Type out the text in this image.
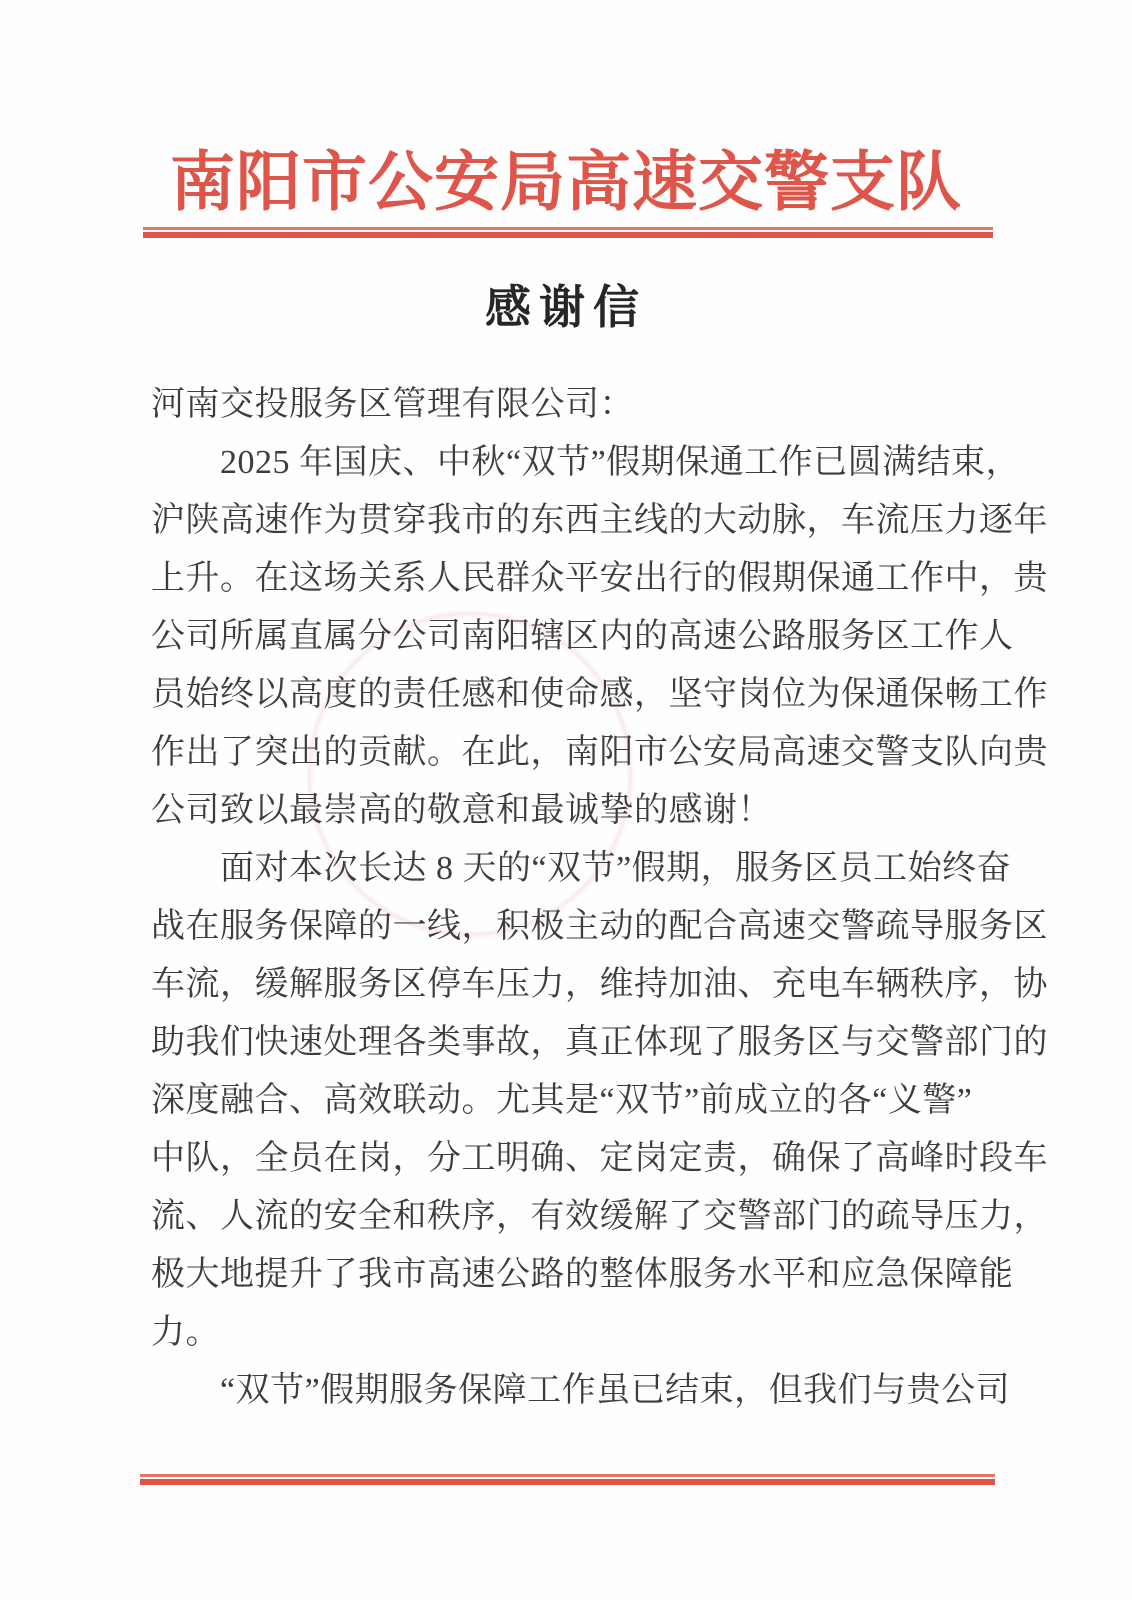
南阳市公安局高速交警支队
感谢信
河南交投服务区管理有限公司：
　　2025 年国庆、中秋“双节”假期保通工作已圆满结束，
沪陕高速作为贯穿我市的东西主线的大动脉，车流压力逐年
上升。在这场关系人民群众平安出行的假期保通工作中，贵
公司所属直属分公司南阳辖区内的高速公路服务区工作人
员始终以高度的责任感和使命感，坚守岗位为保通保畅工作
作出了突出的贡献。在此，南阳市公安局高速交警支队向贵
公司致以最崇高的敬意和最诚挚的感谢！
　　面对本次长达 8 天的“双节”假期，服务区员工始终奋
战在服务保障的一线，积极主动的配合高速交警疏导服务区
车流，缓解服务区停车压力，维持加油、充电车辆秩序，协
助我们快速处理各类事故，真正体现了服务区与交警部门的
深度融合、高效联动。尤其是“双节”前成立的各“义警”
中队，全员在岗，分工明确、定岗定责，确保了高峰时段车
流、人流的安全和秩序，有效缓解了交警部门的疏导压力，
极大地提升了我市高速公路的整体服务水平和应急保障能
力。
　　“双节”假期服务保障工作虽已结束，但我们与贵公司
